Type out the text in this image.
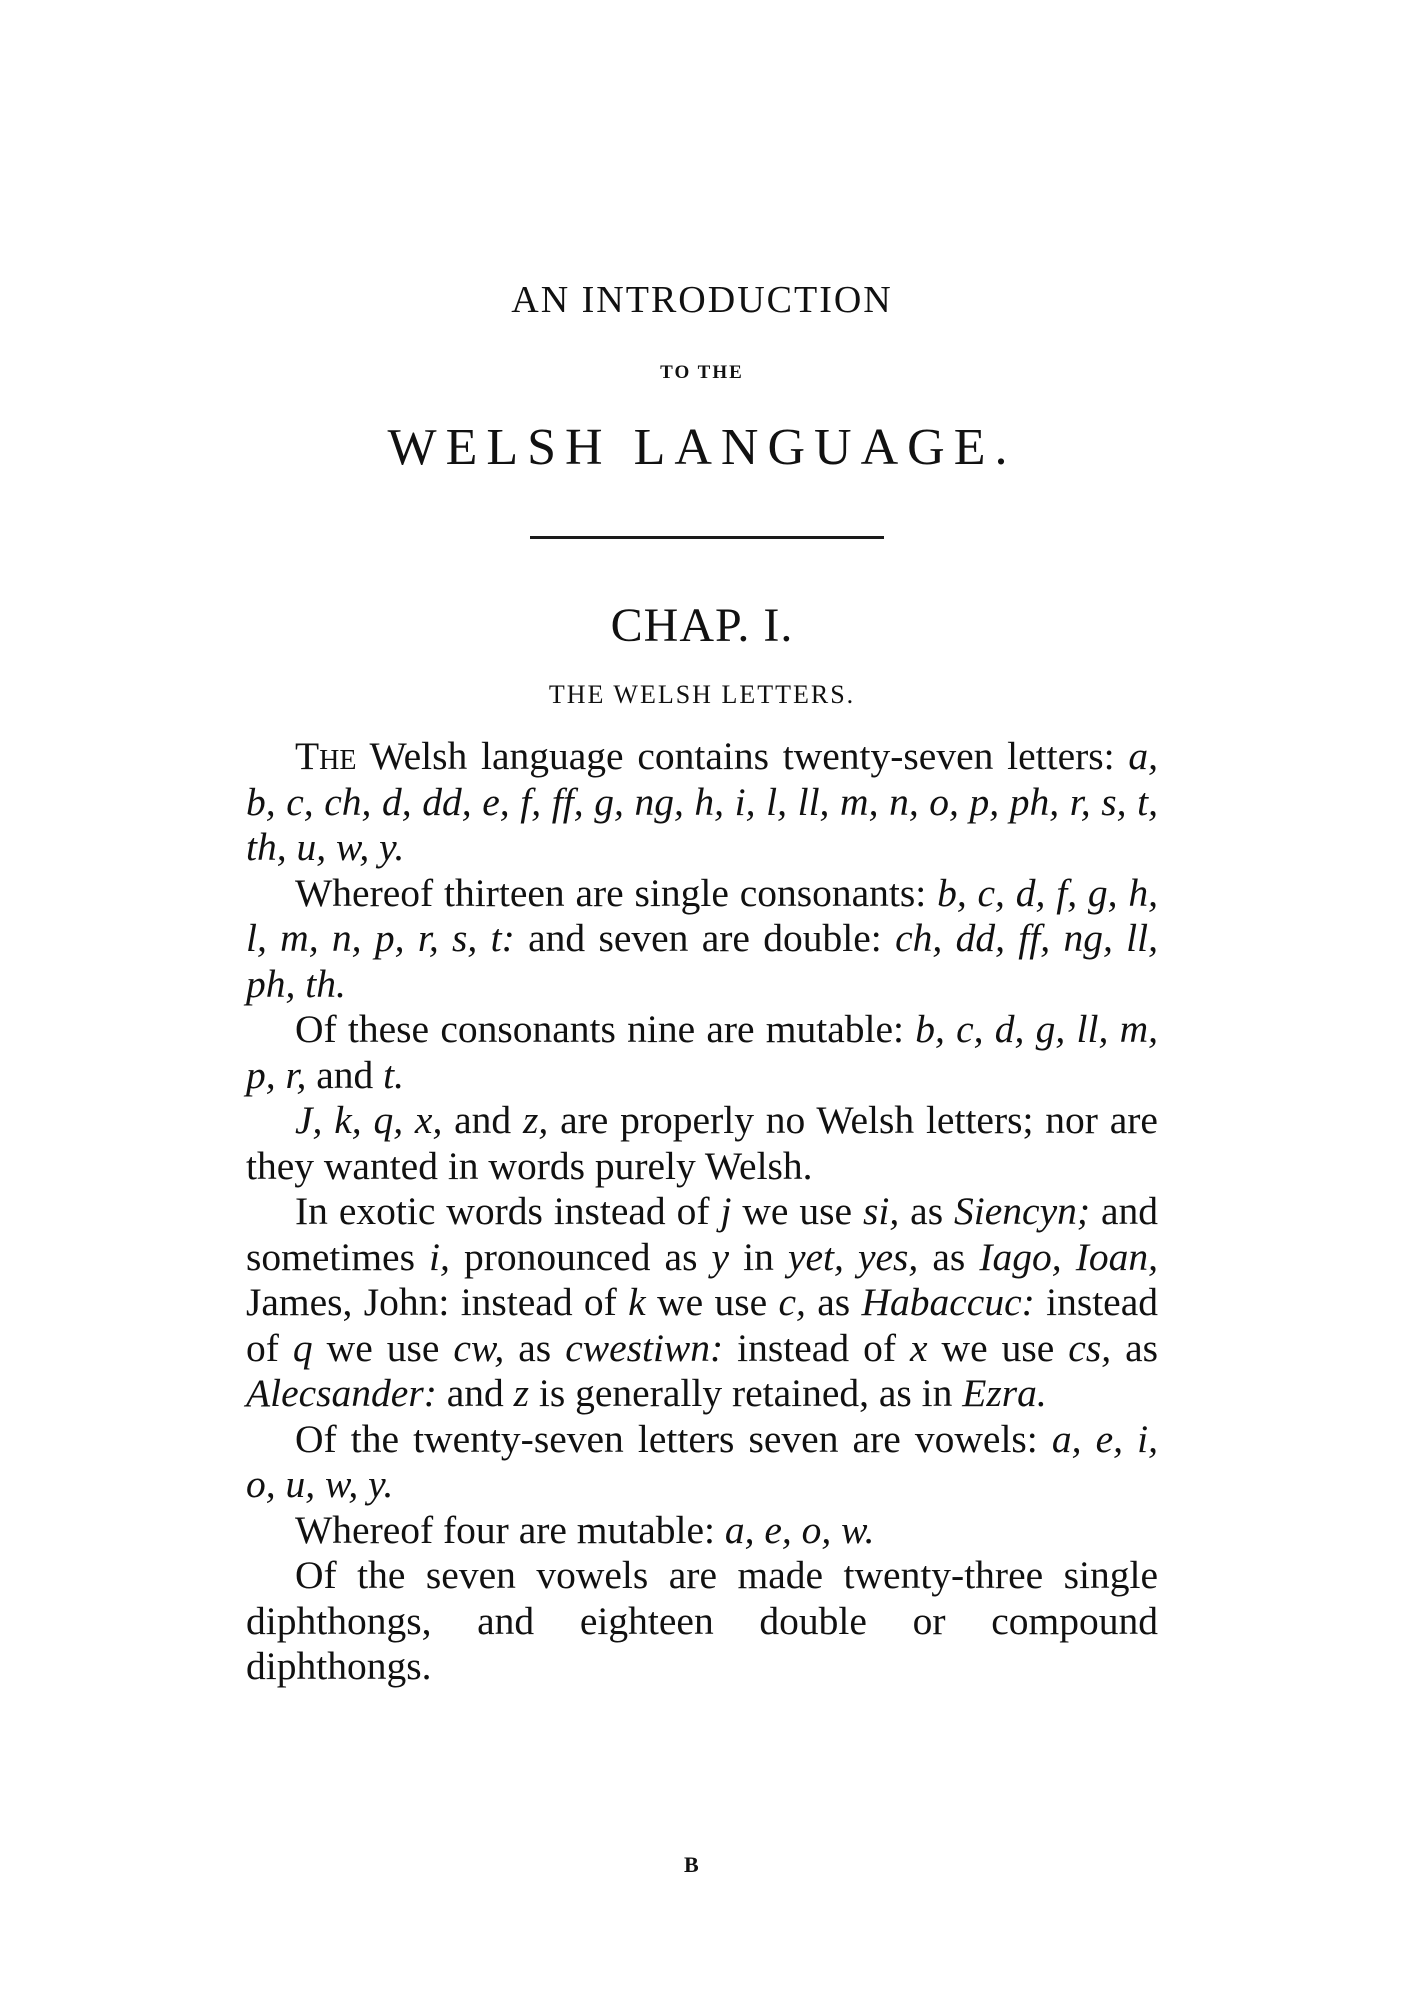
AN INTRODUCTION
TO THE
WELSH LANGUAGE.
CHAP. I.
THE WELSH LETTERS.

The Welsh language contains twenty-seven letters: a, b, c, ch, d, dd, e, f, ff, g, ng, h, i, l, ll, m, n, o, p, ph, r, s, t, th, u, w, y.

Whereof thirteen are single consonants: b, c, d, f, g, h, l, m, n, p, r, s, t: and seven are double: ch, dd, ff, ng, ll, ph, th.

Of these consonants nine are mutable: b, c, d, g, ll, m, p, r, and t.

J, k, q, x, and z, are properly no Welsh letters; nor are they wanted in words purely Welsh.

In exotic words instead of j we use si, as Siencyn; and sometimes i, pronounced as y in yet, yes, as Iago, Ioan, James, John: instead of k we use c, as Habaccuc: instead of q we use cw, as cwestiwn: instead of x we use cs, as Alecsander: and z is generally retained, as in Ezra.

Of the twenty-seven letters seven are vowels: a, e, i, o, u, w, y.

Whereof four are mutable: a, e, o, w.

Of the seven vowels are made twenty-three single diphthongs, and eighteen double or compound diphthongs.

B
